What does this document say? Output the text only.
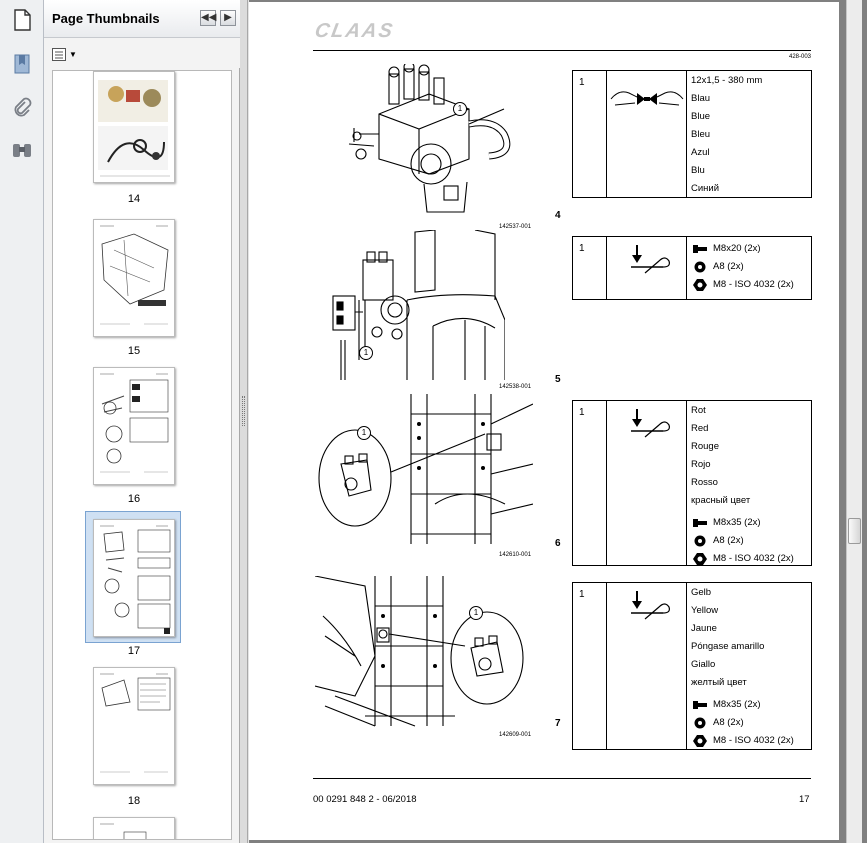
Page Thumbnails	◀◀ ▶
▼
14
15
16
17
18
CLAAS
428-003
1
142537-001
4
1	12x1,5 - 380 mm
Blau
Blue
Bleu
Azul
Blu
Синий
1
142538-001
5
1	M8x20 (2x)
A8 (2x)
M8 - ISO 4032 (2x)
1
142610-001
6
1	Rot
Red
Rouge
Rojo
Rosso
красный цвет
M8x35 (2x)
A8 (2x)
M8 - ISO 4032 (2x)
1
142609-001
7
1	Gelb
Yellow
Jaune
Póngase amarillo
Giallo
желтый цвет
M8x35 (2x)
A8 (2x)
M8 - ISO 4032 (2x)
00 0291 848 2 - 06/2018	17
